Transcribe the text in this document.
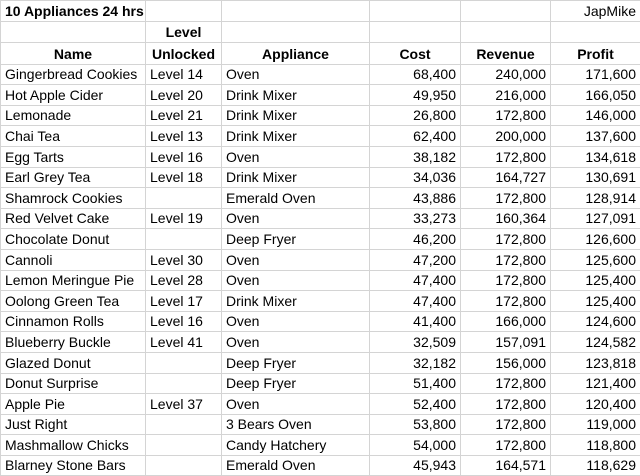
10 Appliances 24 hrs					JapMike
	Level				
Name	Unlocked	Appliance	Cost	Revenue	Profit
Gingerbread Cookies	Level 14	Oven	68,400	240,000	171,600
Hot Apple Cider	Level 20	Drink Mixer	49,950	216,000	166,050
Lemonade	Level 21	Drink Mixer	26,800	172,800	146,000
Chai Tea	Level 13	Drink Mixer	62,400	200,000	137,600
Egg Tarts	Level 16	Oven	38,182	172,800	134,618
Earl Grey Tea	Level 18	Drink Mixer	34,036	164,727	130,691
Shamrock Cookies		Emerald Oven	43,886	172,800	128,914
Red Velvet Cake	Level 19	Oven	33,273	160,364	127,091
Chocolate Donut		Deep Fryer	46,200	172,800	126,600
Cannoli	Level 30	Oven	47,200	172,800	125,600
Lemon Meringue Pie	Level 28	Oven	47,400	172,800	125,400
Oolong Green Tea	Level 17	Drink Mixer	47,400	172,800	125,400
Cinnamon Rolls	Level 16	Oven	41,400	166,000	124,600
Blueberry Buckle	Level 41	Oven	32,509	157,091	124,582
Glazed Donut		Deep Fryer	32,182	156,000	123,818
Donut Surprise		Deep Fryer	51,400	172,800	121,400
Apple Pie	Level 37	Oven	52,400	172,800	120,400
Just Right		3 Bears Oven	53,800	172,800	119,000
Mashmallow Chicks		Candy Hatchery	54,000	172,800	118,800
Blarney Stone Bars		Emerald Oven	45,943	164,571	118,629
